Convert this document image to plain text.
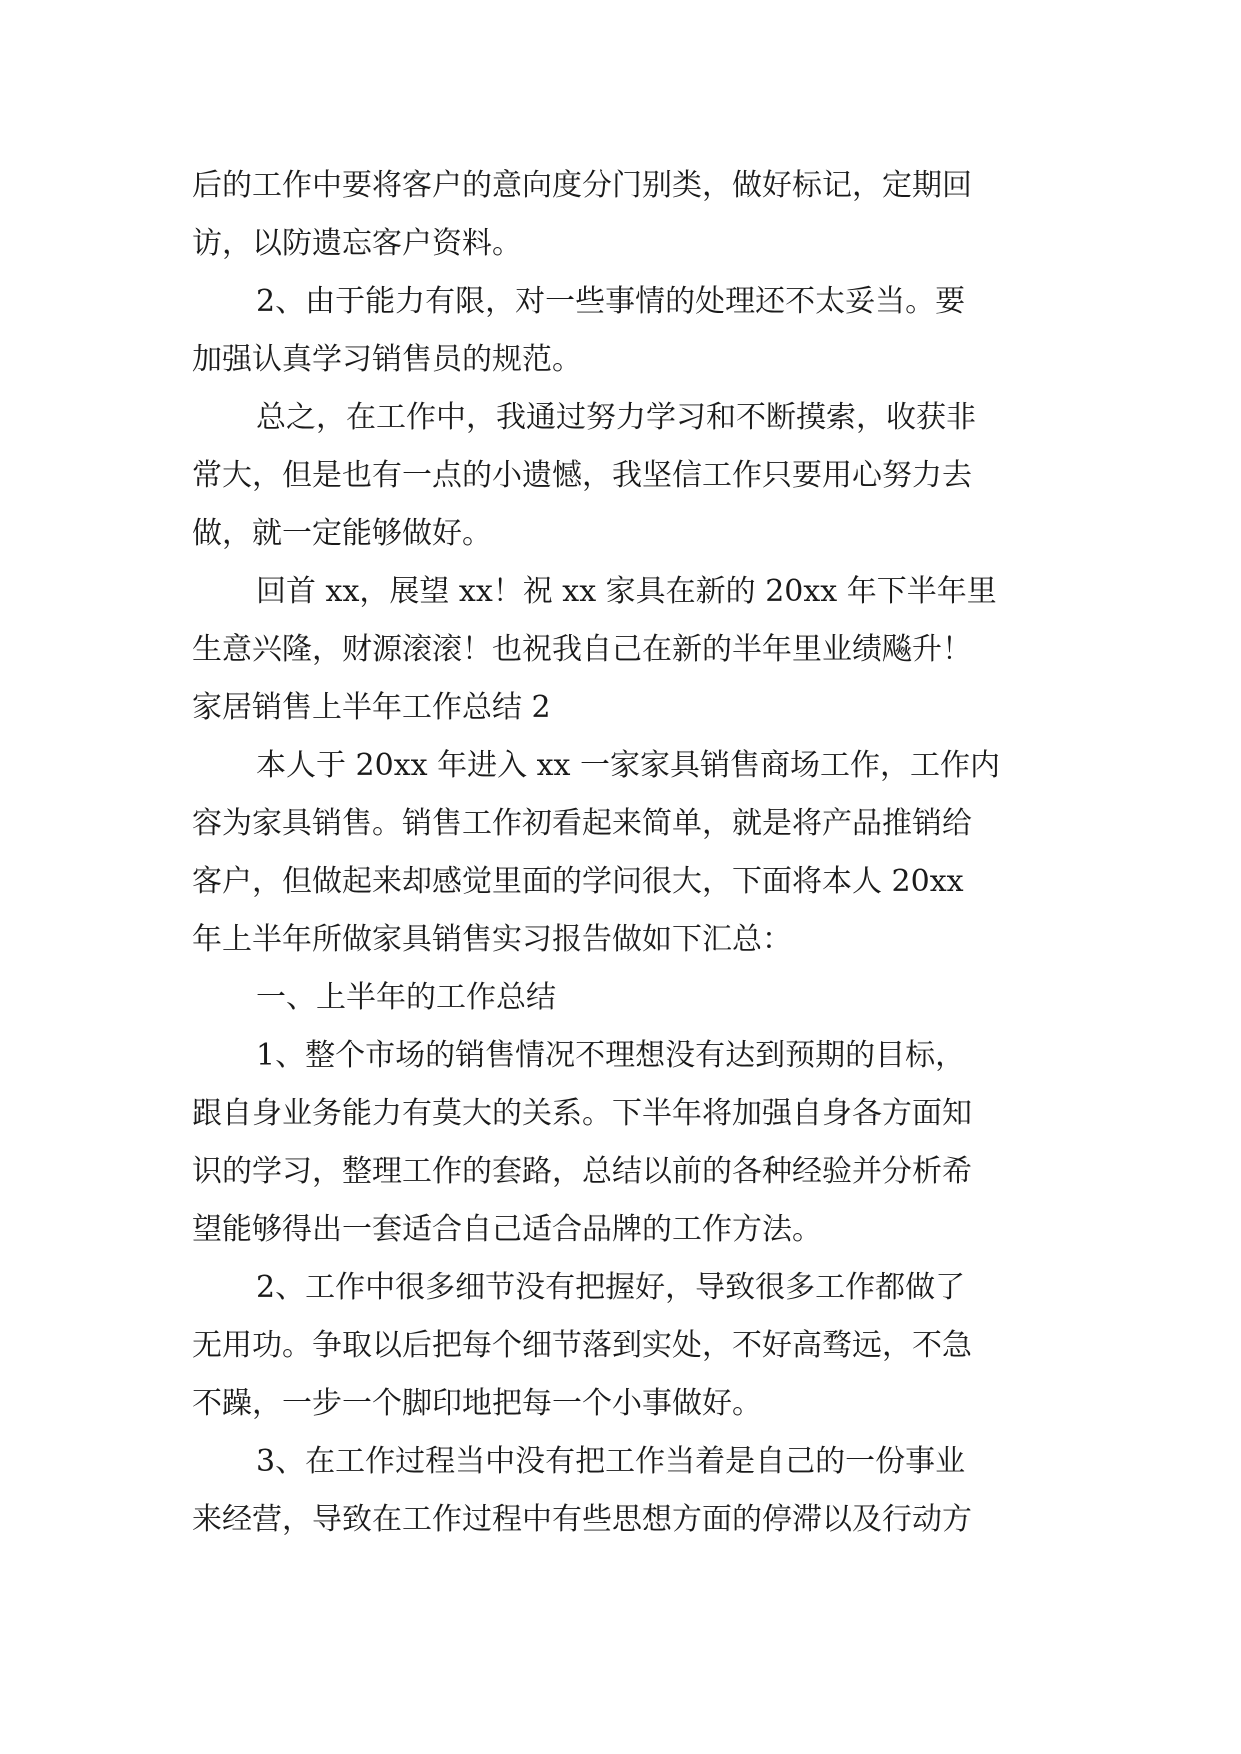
后的工作中要将客户的意向度分门别类，做好标记，定期回
访，以防遗忘客户资料。
2、由于能力有限，对一些事情的处理还不太妥当。要
加强认真学习销售员的规范。
总之，在工作中，我通过努力学习和不断摸索，收获非
常大，但是也有一点的小遗憾，我坚信工作只要用心努力去
做，就一定能够做好。
回首 xx，展望 xx！祝 xx 家具在新的 20xx 年下半年里
生意兴隆，财源滚滚！也祝我自己在新的半年里业绩飚升！
家居销售上半年工作总结 2
本人于 20xx 年进入 xx 一家家具销售商场工作，工作内
容为家具销售。销售工作初看起来简单，就是将产品推销给
客户，但做起来却感觉里面的学问很大，下面将本人 20xx
年上半年所做家具销售实习报告做如下汇总：
一、上半年的工作总结
1、整个市场的销售情况不理想没有达到预期的目标，
跟自身业务能力有莫大的关系。下半年将加强自身各方面知
识的学习，整理工作的套路，总结以前的各种经验并分析希
望能够得出一套适合自己适合品牌的工作方法。
2、工作中很多细节没有把握好，导致很多工作都做了
无用功。争取以后把每个细节落到实处，不好高骛远，不急
不躁，一步一个脚印地把每一个小事做好。
3、在工作过程当中没有把工作当着是自己的一份事业
来经营，导致在工作过程中有些思想方面的停滞以及行动方
